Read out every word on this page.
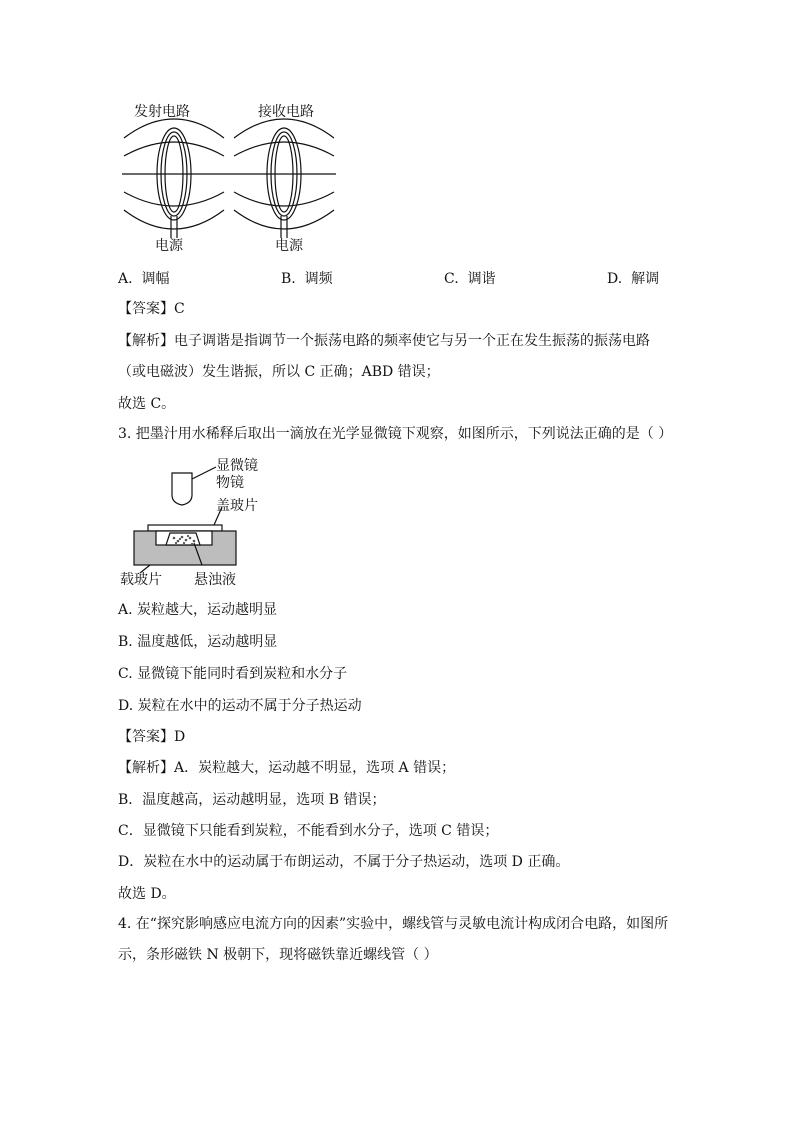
发射电路	接收电路
电源	电源
A. 调幅	B. 调频	C. 调谐	D. 解调
【答案】C
【解析】电子调谐是指调节一个振荡电路的频率使它与另一个正在发生振荡的振荡电路
（或电磁波）发生谐振，所以 C 正确；ABD 错误；
故选 C。
3. 把墨汁用水稀释后取出一滴放在光学显微镜下观察，如图所示，下列说法正确的是（ ）
显微镜
物镜
盖玻片
载玻片 悬浊液
A. 炭粒越大，运动越明显
B. 温度越低，运动越明显
C. 显微镜下能同时看到炭粒和水分子
D. 炭粒在水中的运动不属于分子热运动
【答案】D
【解析】A．炭粒越大，运动越不明显，选项 A 错误；
B．温度越高，运动越明显，选项 B 错误；
C．显微镜下只能看到炭粒，不能看到水分子，选项 C 错误；
D．炭粒在水中的运动属于布朗运动，不属于分子热运动，选项 D 正确。
故选 D。
4. 在“探究影响感应电流方向的因素”实验中，螺线管与灵敏电流计构成闭合电路，如图所
示，条形磁铁 N 极朝下，现将磁铁靠近螺线管（ ）
